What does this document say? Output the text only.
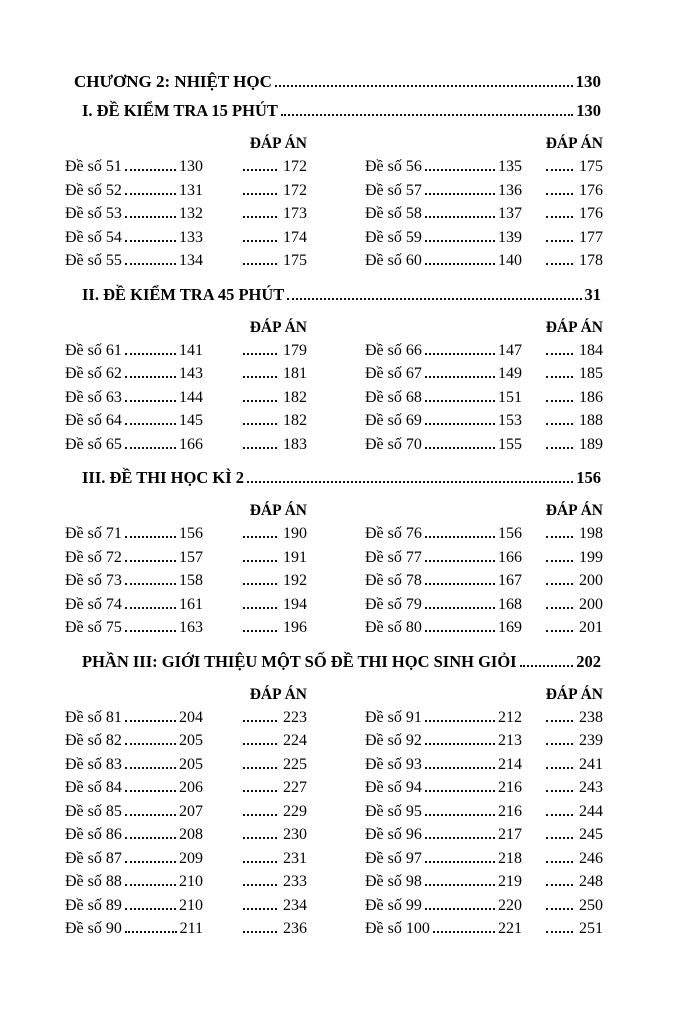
CHƯƠNG 2: NHIỆT HỌC	130
I. ĐỀ KIỂM TRA 15 PHÚT	130
ĐÁP ÁN	ĐÁP ÁN
Đề số 51	130	172	Đề số 56	135	175
Đề số 52	131	172	Đề số 57	136	176
Đề số 53	132	173	Đề số 58	137	176
Đề số 54	133	174	Đề số 59	139	177
Đề số 55	134	175	Đề số 60	140	178
II. ĐỀ KIỂM TRA 45 PHÚT	31
ĐÁP ÁN	ĐÁP ÁN
Đề số 61	141	179	Đề số 66	147	184
Đề số 62	143	181	Đề số 67	149	185
Đề số 63	144	182	Đề số 68	151	186
Đề số 64	145	182	Đề số 69	153	188
Đề số 65	166	183	Đề số 70	155	189
III. ĐỀ THI HỌC KÌ 2	156
ĐÁP ÁN	ĐÁP ÁN
Đề số 71	156	190	Đề số 76	156	198
Đề số 72	157	191	Đề số 77	166	199
Đề số 73	158	192	Đề số 78	167	200
Đề số 74	161	194	Đề số 79	168	200
Đề số 75	163	196	Đề số 80	169	201
PHẦN III: GIỚI THIỆU MỘT SỐ ĐỀ THI HỌC SINH GIỎI	202
ĐÁP ÁN	ĐÁP ÁN
Đề số 81	204	223	Đề số 91	212	238
Đề số 82	205	224	Đề số 92	213	239
Đề số 83	205	225	Đề số 93	214	241
Đề số 84	206	227	Đề số 94	216	243
Đề số 85	207	229	Đề số 95	216	244
Đề số 86	208	230	Đề số 96	217	245
Đề số 87	209	231	Đề số 97	218	246
Đề số 88	210	233	Đề số 98	219	248
Đề số 89	210	234	Đề số 99	220	250
Đề số 90	211	236	Đề số 100	221	251
